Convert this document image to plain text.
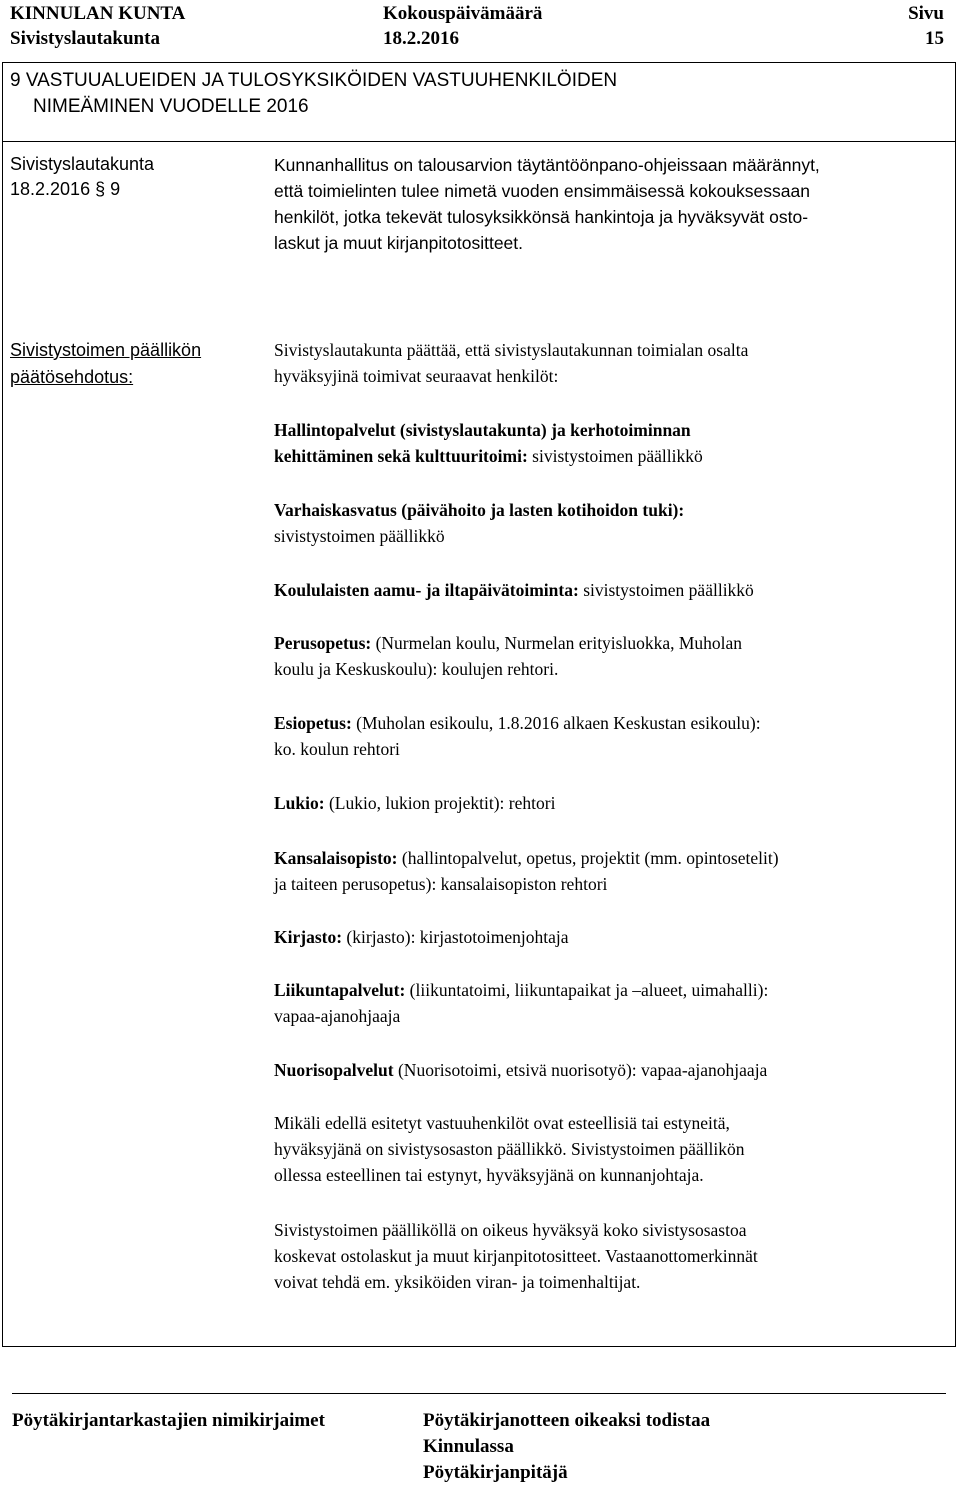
KINNULAN KUNTA
Sivistyslautakunta
Kokouspäivämäärä
18.2.2016
Sivu
15
9 VASTUUALUEIDEN JA TULOSYKSIKÖIDEN VASTUUHENKILÖIDEN
NIMEÄMINEN VUODELLE 2016
Sivistyslautakunta
18.2.2016 § 9
Kunnanhallitus on talousarvion täytäntöönpano-ohjeissaan määrännyt,
että toimielinten tulee nimetä vuoden ensimmäisessä kokouksessaan
henkilöt, jotka tekevät tulosyksikkönsä hankintoja ja hyväksyvät osto-
laskut ja muut kirjanpitotositteet.
Sivistystoimen päällikön
päätösehdotus:
Sivistyslautakunta päättää, että sivistyslautakunnan toimialan osalta
hyväksyjinä toimivat seuraavat henkilöt:
Hallintopalvelut (sivistyslautakunta) ja kerhotoiminnan
kehittäminen sekä kulttuuritoimi: sivistystoimen päällikkö
Varhaiskasvatus (päivähoito ja lasten kotihoidon tuki):
sivistystoimen päällikkö
Koululaisten aamu- ja iltapäivätoiminta: sivistystoimen päällikkö
Perusopetus: (Nurmelan koulu, Nurmelan erityisluokka, Muholan
koulu ja Keskuskoulu): koulujen rehtori.
Esiopetus: (Muholan esikoulu, 1.8.2016 alkaen Keskustan esikoulu):
ko. koulun rehtori
Lukio: (Lukio, lukion projektit): rehtori
Kansalaisopisto: (hallintopalvelut, opetus, projektit (mm. opintosetelit)
ja taiteen perusopetus): kansalaisopiston rehtori
Kirjasto: (kirjasto): kirjastotoimenjohtaja
Liikuntapalvelut: (liikuntatoimi, liikuntapaikat ja –alueet, uimahalli):
vapaa-ajanohjaaja
Nuorisopalvelut (Nuorisotoimi, etsivä nuorisotyö): vapaa-ajanohjaaja
Mikäli edellä esitetyt vastuuhenkilöt ovat esteellisiä tai estyneitä,
hyväksyjänä on sivistysosaston päällikkö. Sivistystoimen päällikön
ollessa esteellinen tai estynyt, hyväksyjänä on kunnanjohtaja.
Sivistystoimen päälliköllä on oikeus hyväksyä koko sivistysosastoa
koskevat ostolaskut ja muut kirjanpitotositteet. Vastaanottomerkinnät
voivat tehdä em. yksiköiden viran- ja toimenhaltijat.
Pöytäkirjantarkastajien nimikirjaimet	Pöytäkirjanotteen oikeaksi todistaa
Kinnulassa
Pöytäkirjanpitäjä
